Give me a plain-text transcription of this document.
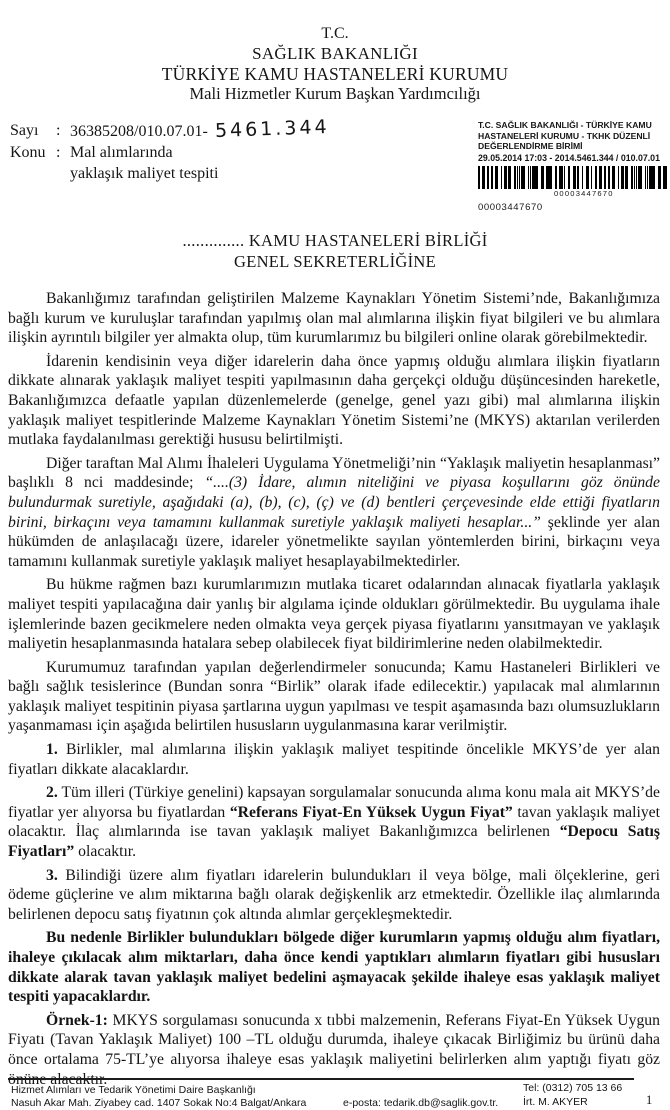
T.C.
SAĞLIK BAKANLIĞI
TÜRKİYE KAMU HASTANELERİ KURUMU
Mali Hizmetler Kurum Başkan Yardımcılığı
Sayı	: 36385208/010.07.01- 5461.344
Konu : Mal alımlarında
yaklaşık maliyet tespiti
T.C. SAĞLIK BAKANLIĞI - TÜRKİYE KAMU
HASTANELERİ KURUMU - TKHK DÜZENLİ
DEĞERLENDİRME BİRİMİ
29.05.2014 17:03 - 2014.5461.344 / 010.07.01
00003447670
00003447670
.............. KAMU HASTANELERİ BİRLİĞİ
GENEL SEKRETERLİĞİNE

Bakanlığımız tarafından geliştirilen Malzeme Kaynakları Yönetim Sistemi’nde, Bakanlığımıza bağlı kurum ve kuruluşlar tarafından yapılmış olan mal alımlarına ilişkin fiyat bilgileri ve bu alımlara ilişkin ayrıntılı bilgiler yer almakta olup, tüm kurumlarımız bu bilgileri online olarak görebilmektedir.

İdarenin kendisinin veya diğer idarelerin daha önce yapmış olduğu alımlara ilişkin fiyatların dikkate alınarak yaklaşık maliyet tespiti yapılmasının daha gerçekçi olduğu düşüncesinden hareketle, Bakanlığımızca defaatle yapılan düzenlemelerde (genelge, genel yazı gibi) mal alımlarına ilişkin yaklaşık maliyet tespitlerinde Malzeme Kaynakları Yönetim Sistemi’ne (MKYS) aktarılan verilerden mutlaka faydalanılması gerektiği hususu belirtilmişti.

Diğer taraftan Mal Alımı İhaleleri Uygulama Yönetmeliği’nin “Yaklaşık maliyetin hesaplanması” başlıklı 8 nci maddesinde; “....(3) İdare, alımın niteliğini ve piyasa koşullarını göz önünde bulundurmak suretiyle, aşağıdaki (a), (b), (c), (ç) ve (d) bentleri çerçevesinde elde ettiği fiyatların birini, birkaçını veya tamamını kullanmak suretiyle yaklaşık maliyeti hesaplar...” şeklinde yer alan hükümden de anlaşılacağı üzere, idareler yönetmelikte sayılan yöntemlerden birini, birkaçını veya tamamını kullanmak suretiyle yaklaşık maliyet hesaplayabilmektedirler.

Bu hükme rağmen bazı kurumlarımızın mutlaka ticaret odalarından alınacak fiyatlarla yaklaşık maliyet tespiti yapılacağına dair yanlış bir algılama içinde oldukları görülmektedir. Bu uygulama ihale işlemlerinde bazen gecikmelere neden olmakta veya gerçek piyasa fiyatlarını yansıtmayan ve yaklaşık maliyetin hesaplanmasında hatalara sebep olabilecek fiyat bildirimlerine neden olabilmektedir.

Kurumumuz tarafından yapılan değerlendirmeler sonucunda; Kamu Hastaneleri Birlikleri ve bağlı sağlık tesislerince (Bundan sonra “Birlik” olarak ifade edilecektir.) yapılacak mal alımlarının yaklaşık maliyet tespitinin piyasa şartlarına uygun yapılması ve tespit aşamasında bazı olumsuzlukların yaşanmaması için aşağıda belirtilen hususların uygulanmasına karar verilmiştir.

1. Birlikler, mal alımlarına ilişkin yaklaşık maliyet tespitinde öncelikle MKYS’de yer alan fiyatları dikkate alacaklardır.

2. Tüm illeri (Türkiye genelini) kapsayan sorgulamalar sonucunda alıma konu mala ait MKYS’de fiyatlar yer alıyorsa bu fiyatlardan “Referans Fiyat-En Yüksek Uygun Fiyat” tavan yaklaşık maliyet olacaktır. İlaç alımlarında ise tavan yaklaşık maliyet Bakanlığımızca belirlenen “Depocu Satış Fiyatları” olacaktır.

3. Bilindiği üzere alım fiyatları idarelerin bulundukları il veya bölge, mali ölçeklerine, geri ödeme güçlerine ve alım miktarına bağlı olarak değişkenlik arz etmektedir. Özellikle ilaç alımlarında belirlenen depocu satış fiyatının çok altında alımlar gerçekleşmektedir.

Bu nedenle Birlikler bulundukları bölgede diğer kurumların yapmış olduğu alım fiyatları, ihaleye çıkılacak alım miktarları, daha önce kendi yaptıkları alımların fiyatları gibi hususları dikkate alarak tavan yaklaşık maliyet bedelini aşmayacak şekilde ihaleye esas yaklaşık maliyet tespiti yapacaklardır.

Örnek-1: MKYS sorgulaması sonucunda x tıbbi malzemenin, Referans Fiyat-En Yüksek Uygun Fiyatı (Tavan Yaklaşık Maliyet) 100 –TL olduğu durumda, ihaleye çıkacak Birliğimiz bu ürünü daha önce ortalama 75-TL’ye alıyorsa ihaleye esas yaklaşık maliyetini belirlerken alım yaptığı fiyatı göz önüne alacaktır.

Hizmet Alımları ve Tedarik Yönetimi Daire Başkanlığı
Nasuh Akar Mah. Ziyabey cad. 1407 Sokak No:4 Balgat/Ankara	e-posta: tedarik.db@saglik.gov.tr.
Tel: (0312) 705 13 66
İrt. M. AKYER	1
